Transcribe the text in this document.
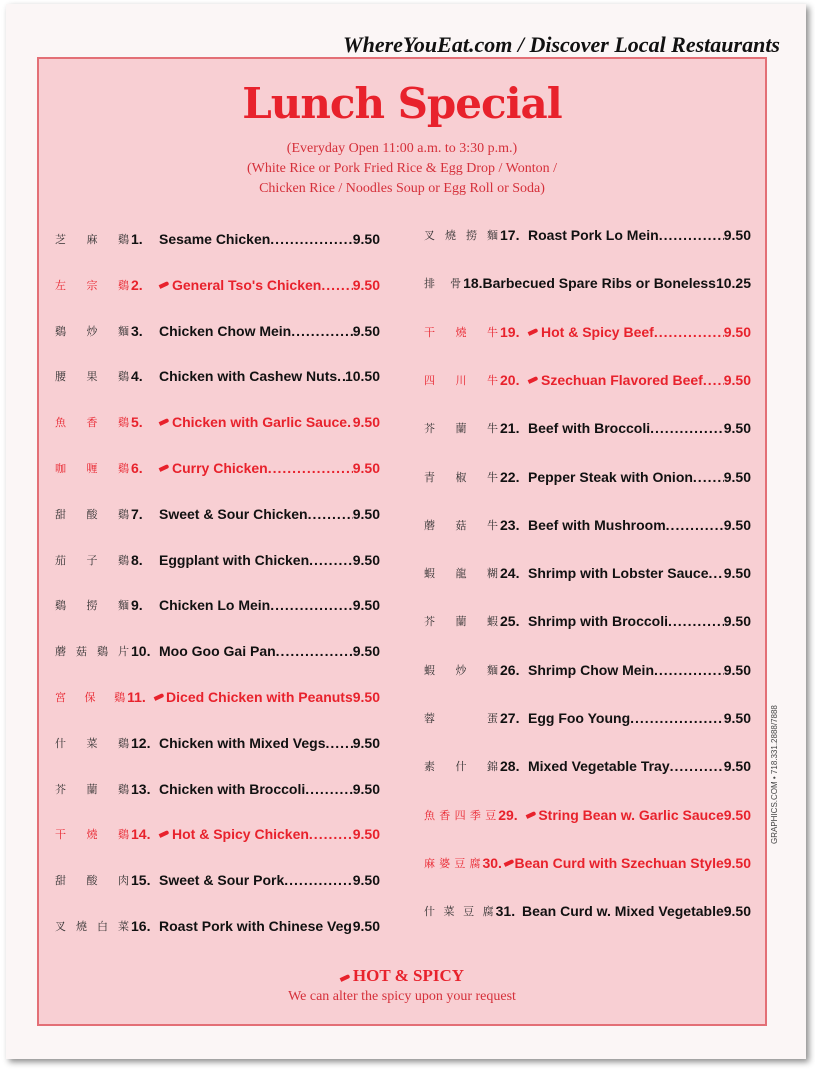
WhereYouEat.com / Discover Local Restaurants
Lunch Special
(Everyday Open 11:00 a.m. to 3:30 p.m.)
(White Rice or Pork Fried Rice & Egg Drop / Wonton /
Chicken Rice / Noodles Soup or Egg Roll or Soda)
芝 麻 鷄 1.	Sesame Chicken .....	9.50
左 宗 鷄 2.	General Tso's Chicken ..... 9.50
鷄 炒 麵 3.	Chicken Chow Mein .....	9.50
腰 果 鷄 4.	Chicken with Cashew Nuts ..... 10.50
魚 香 鷄 5.	Chicken with Garlic Sauce ..... 9.50
咖 喱 鷄 6.	Curry Chicken .....	9.50
甜 酸 鷄 7.	Sweet & Sour Chicken .....	9.50
茄 子 鷄 8.	Eggplant with Chicken .....	9.50
鷄 撈 麵 9.	Chicken Lo Mein .....	9.50
蘑 菇 鷄 片 10. Moo Goo Gai Pan .....	9.50
宮 保 鷄 11.	Diced Chicken with Peanuts 9.50
什 菜 鷄 12. Chicken with Mixed Vegs ..... 9.50
芥 蘭 鷄 13. Chicken with Broccoli .....	9.50
干 燒 鷄 14.	Hot & Spicy Chicken .....	9.50
甜 酸 肉 15. Sweet & Sour Pork .....	9.50
叉 燒 白 菜 16. Roast Pork with Chinese Veg ..... 9.50
叉 燒 撈 麵 17. Roast Pork Lo Mein .....	9.50
排 骨 18. Barbecued Spare Ribs or Boneless 10.25
干 燒 牛 19.	Hot & Spicy Beef .....	9.50
四 川 牛 20.	Szechuan Flavored Beef ..... 9.50
芥 蘭 牛 21. Beef with Broccoli .....	9.50
青 椒 牛 22. Pepper Steak with Onion ..... 9.50
蘑 菇 牛 23. Beef with Mushroom .....	9.50
蝦 龍 糊 24. Shrimp with Lobster Sauce ..... 9.50
芥 蘭 蝦 25. Shrimp with Broccoli .....	9.50
蝦 炒 麵 26. Shrimp Chow Mein .....	9.50
蓉	蛋 27. Egg Foo Young .....	9.50
素 什 錦 28. Mixed Vegetable Tray .....	9.50
魚 香 四 季 豆 29.	String Bean w. Garlic Sauce 9.50
麻 婆 豆 腐 30. Bean Curd with Szechuan Style 9.50
什 菜 豆 腐 31. Bean Curd w. Mixed Vegetable 9.50
HOT & SPICY
We can alter the spicy upon your request
GRAPHICS.COM • 718.331.2888/7888
